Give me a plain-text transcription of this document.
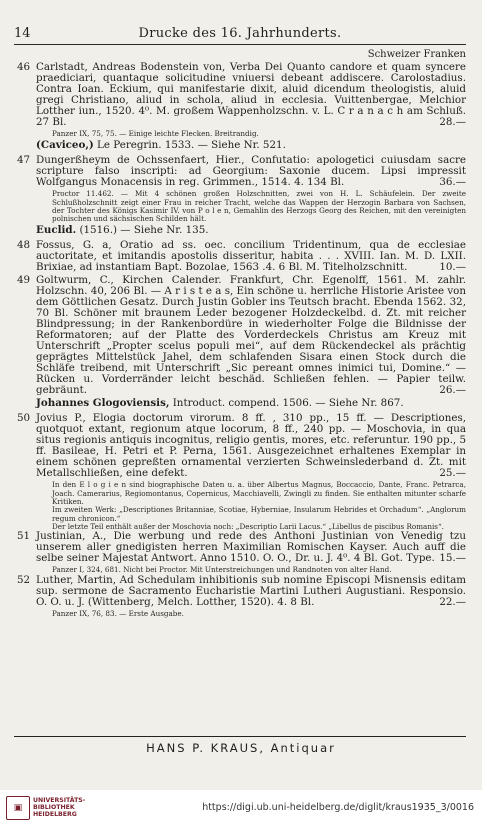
14	Drucke des 16. Jahrhunderts.
Schweizer Franken
46 Carlstadt, Andreas Bodenstein von, Verba Dei Quanto candore et quam syncere praediciari, quantaque solicitudine vniuersi debeant addiscere. Carolostadius. Contra Ioan. Eckium, qui manifestarie dixit, aluid dicendum theologistis, aluid gregi Christiano, aliud in schola, aliud in ecclesia. Vuittenbergae, Melchior Lotther iun., 1520. 4⁰. M. großem Wappenholzschn. v. L. C r a n a c h am Schluß. 27 Bl.	28.—

Panzer IX, 75, 75. — Einige leichte Flecken. Breitrandig.

(Caviceo,) Le Peregrin. 1533. — Siehe Nr. 521.
47 Dungerßheym de Ochssenfaert, Hier., Confutatio: apologetici cuiusdam sacre scripture falso inscripti: ad Georgium: Saxonie ducem. Lipsi impressit Wolfgangus Monacensis in reg. Grimmen., 1514. 4. 134 Bl.	36.—

Proctor 11.462. — Mit 4 schönen großen Holzschnitten, zwei von H. L. Schäufelein. Der zweite Schlußholzschnitt zeigt einer Frau in reicher Tracht, welche das Wappen der Herzogin Barbara von Sachsen, der Tochter des Königs Kasimir IV. von P o l e n, Gemahlin des Herzogs Georg des Reichen, mit den vereinigten polnischen und sächsischen Schilden hält.

Euclid. (1516.) — Siehe Nr. 135.
48 Fossus, G. a, Oratio ad ss. oec. concilium Tridentinum, qua de ecclesiae auctoritate, et imitandis apostolis disseritur, habita . . . XVIII. Ian. M. D. LXII. Brixiae, ad instantiam Bapt. Bozolae, 1563 .4. 6 Bl. M. Titelholzschnitt.	10.—
49 Goltwurm, C., Kirchen Calender. Frankfurt, Chr. Egenolff, 1561. M. zahlr. Holzschn. 40, 206 Bl. — A r i s t e a s, Ein schöne u. herrliche Historie Aristee von dem Göttlichen Gesatz. Durch Justin Gobler ins Teutsch bracht. Ebenda 1562. 32, 70 Bl. Schöner mit braunem Leder bezogener Holzdeckelbd. d. Zt. mit reicher Blindpressung; in der Rankenbordüre in wiederholter Folge die Bildnisse der Reformatoren; auf der Platte des Vorderdeckels Christus am Kreuz mit Unterschrift „Propter scelus populi mei“, auf dem Rückendeckel als prächtig geprägtes Mittelstück Jahel, dem schlafenden Sisara einen Stock durch die Schläfe treibend, mit Unterschrift „Sic pereant omnes inimici tui, Domine.“ — Rücken u. Vorderränder leicht beschäd. Schließen fehlen. — Papier teilw. gebräunt.	26.—
Johannes Glogoviensis, Introduct. compend. 1506. — Siehe Nr. 867.
50 Jovius P., Elogia doctorum virorum. 8 ff. , 310 pp., 15 ff. — Descriptiones, quotquot extant, regionum atque locorum, 8 ff., 240 pp. — Moschovia, in qua situs regionis antiquis incognitus, religio gentis, mores, etc. referuntur. 190 pp., 5 ff. Basileae, H. Petri et P. Perna, 1561. Ausgezeichnet erhaltenes Exemplar in einem schönen gepreßten ornamental verzierten Schweinslederband d. Zt. mit Metallschließen, eine defekt.	25.—

In den E l o g i e n sind biographische Daten u. a. über Albertus Magnus, Boccaccio, Dante, Franc. Petrarca, Joach. Camerarius, Regiomontanus, Copernicus, Macchiavelli, Zwingli zu finden. Sie enthalten mitunter scharfe Kritiken.

Im zweiten Werk: „Descriptiones Britanniae, Scotiae, Hyberniae, Insularum Hebrides et Orchadum“. „Anglorum regum chronicon.“

Der letzte Teil enthält außer der Moschovia noch: „Descriptio Larii Lacus.“ „Libellus de piscibus Romanis“.

51 Justinian, A., Die werbung und rede des Anthoni Justinian von Venedig tzu unserem aller gnedigisten herren Maximilian Romischen Kayser. Auch auff die selbe seiner Majestat Antwort. Anno 1510. O. O., Dr. u. J. 4⁰. 4 Bl. Got. Type. 15.—

Panzer I, 324, 681. Nicht bei Proctor. Mit Unterstreichungen und Randnoten von alter Hand.

52 Luther, Martin, Ad Schedulam inhibitionis sub nomine Episcopi Misnensis editam sup. sermone de Sacramento Eucharistie Martini Lutheri Augustiani. Responsio. O. O. u. J. (Wittenberg, Melch. Lotther, 1520). 4. 8 Bl.	22.—

Panzer IX, 76, 83. — Erste Ausgabe.

HANS P. KRAUS, Antiquar
▣
UNIVERSITÄTS-
BIBLIOTHEK
HEIDELBERG
https://digi.ub.uni-heidelberg.de/diglit/kraus1935_3/0016
